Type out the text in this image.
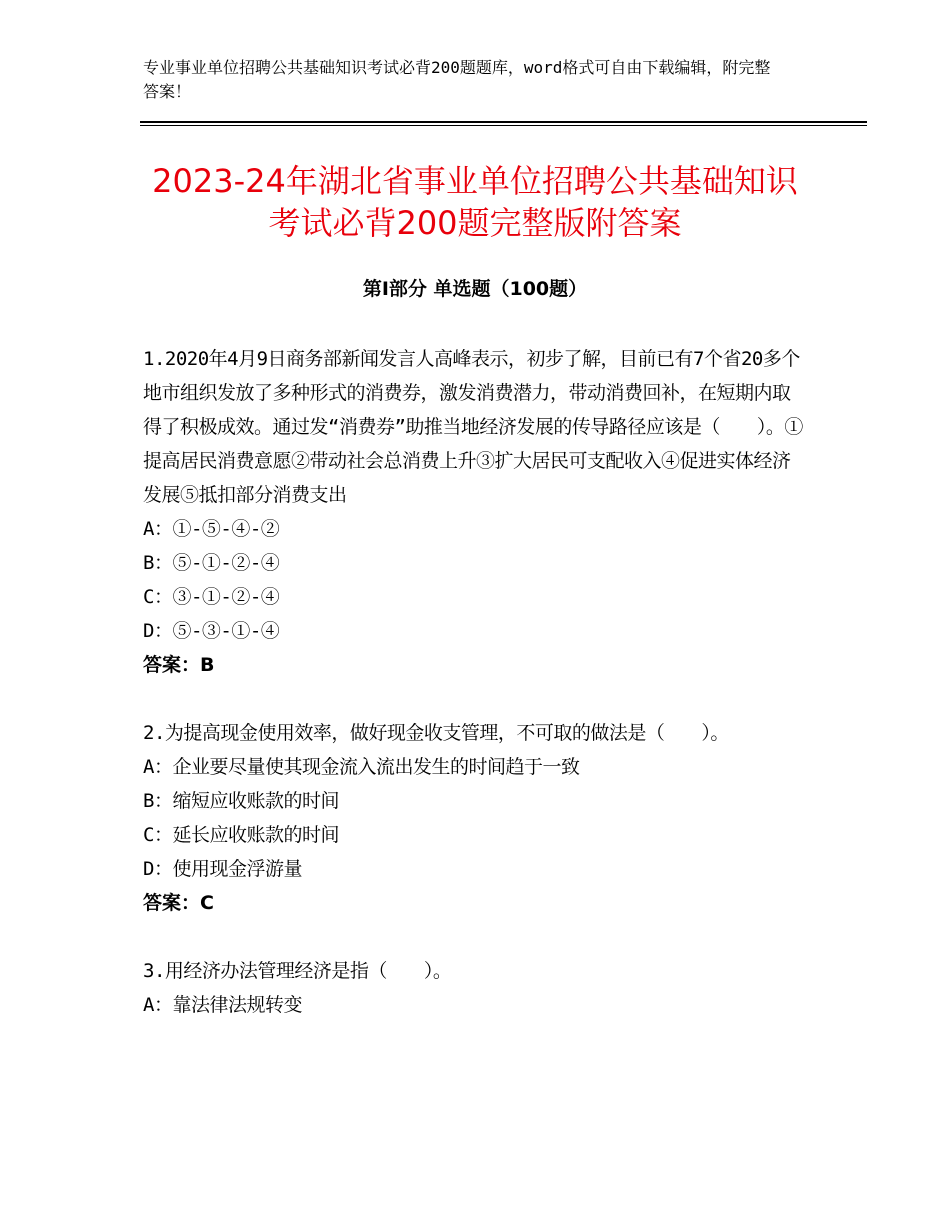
专业事业单位招聘公共基础知识考试必背200题题库，word格式可自由下载编辑，附完整答案！
2023-24年湖北省事业单位招聘公共基础知识考试必背200题完整版附答案
第I部分 单选题（100题）
1.2020年4月9日商务部新闻发言人高峰表示，初步了解，目前已有7个省20多个地市组织发放了多种形式的消费券，激发消费潜力，带动消费回补，在短期内取得了积极成效。通过发“消费券”助推当地经济发展的传导路径应该是（　　）。①提高居民消费意愿②带动社会总消费上升③扩大居民可支配收入④促进实体经济发展⑤抵扣部分消费支出
A：①-⑤-④-②
B：⑤-①-②-④
C：③-①-②-④
D：⑤-③-①-④
答案：B
2.为提高现金使用效率，做好现金收支管理，不可取的做法是（　　）。
A：企业要尽量使其现金流入流出发生的时间趋于一致
B：缩短应收账款的时间
C：延长应收账款的时间
D：使用现金浮游量
答案：C
3.用经济办法管理经济是指（　　）。
A：靠法律法规转变
